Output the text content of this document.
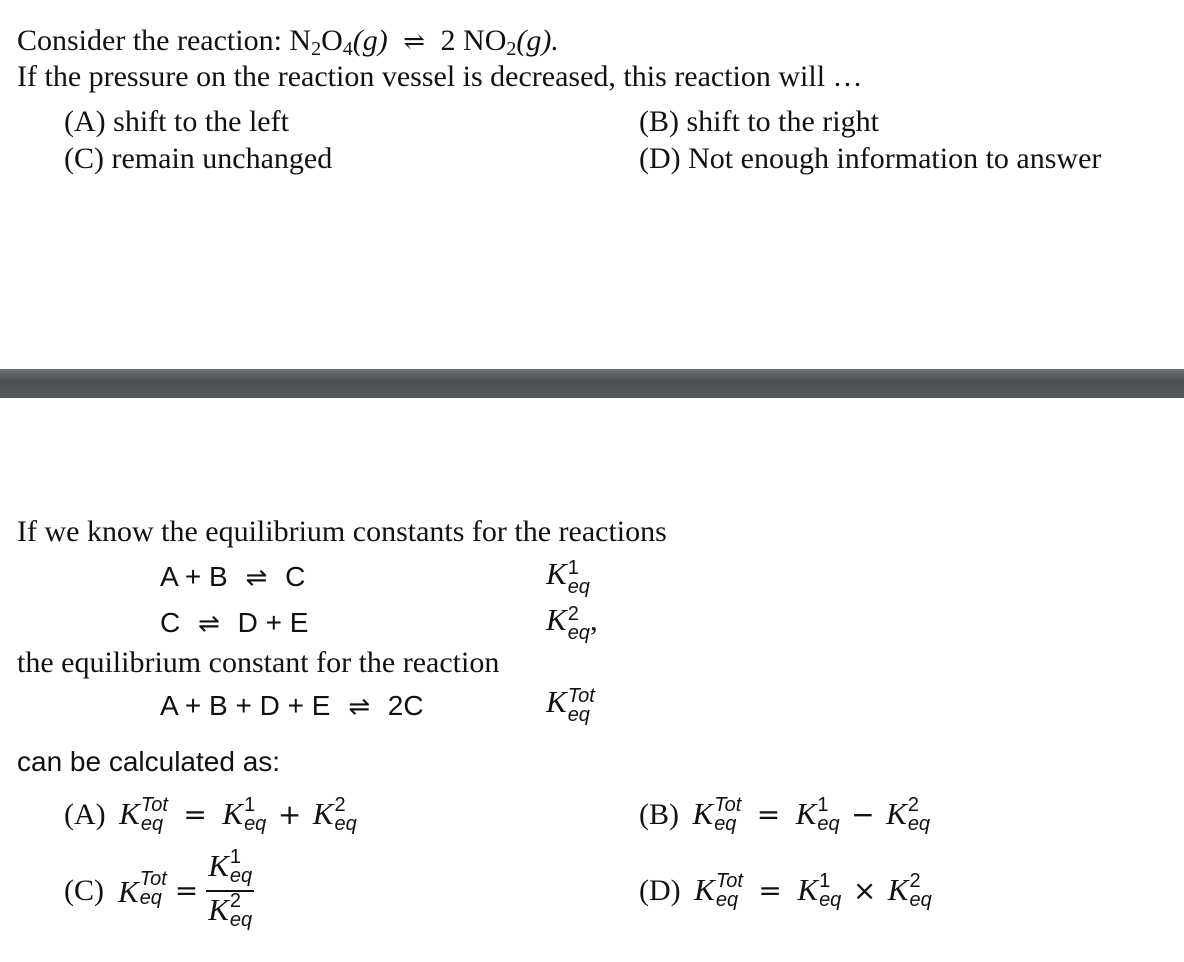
Consider the reaction: $N_2O_4(g)$ ⇌ 2 $NO_2(g)$.
If the pressure on the reaction vessel is decreased, this reaction will …
(A) shift to the left	(B) shift to the right
(C) remain unchanged	(D) Not enough information to answer
If we know the equilibrium constants for the reactions
A + B ⇌ C	K 1
eq
C ⇌ D + E	K 2
eq ,
the equilibrium constant for the reaction
A + B + D + E ⇌ 2C	K Tot
eq
can be calculated as:
(A) K Tot
eq = K 1
eq + K 2
eq	(B) K Tot
eq = K 1
eq − K 2
eq
(C) K Tot
eq = K 1
eq
K 2
eq	(D) K Tot
eq = K 1
eq × K 2
eq
